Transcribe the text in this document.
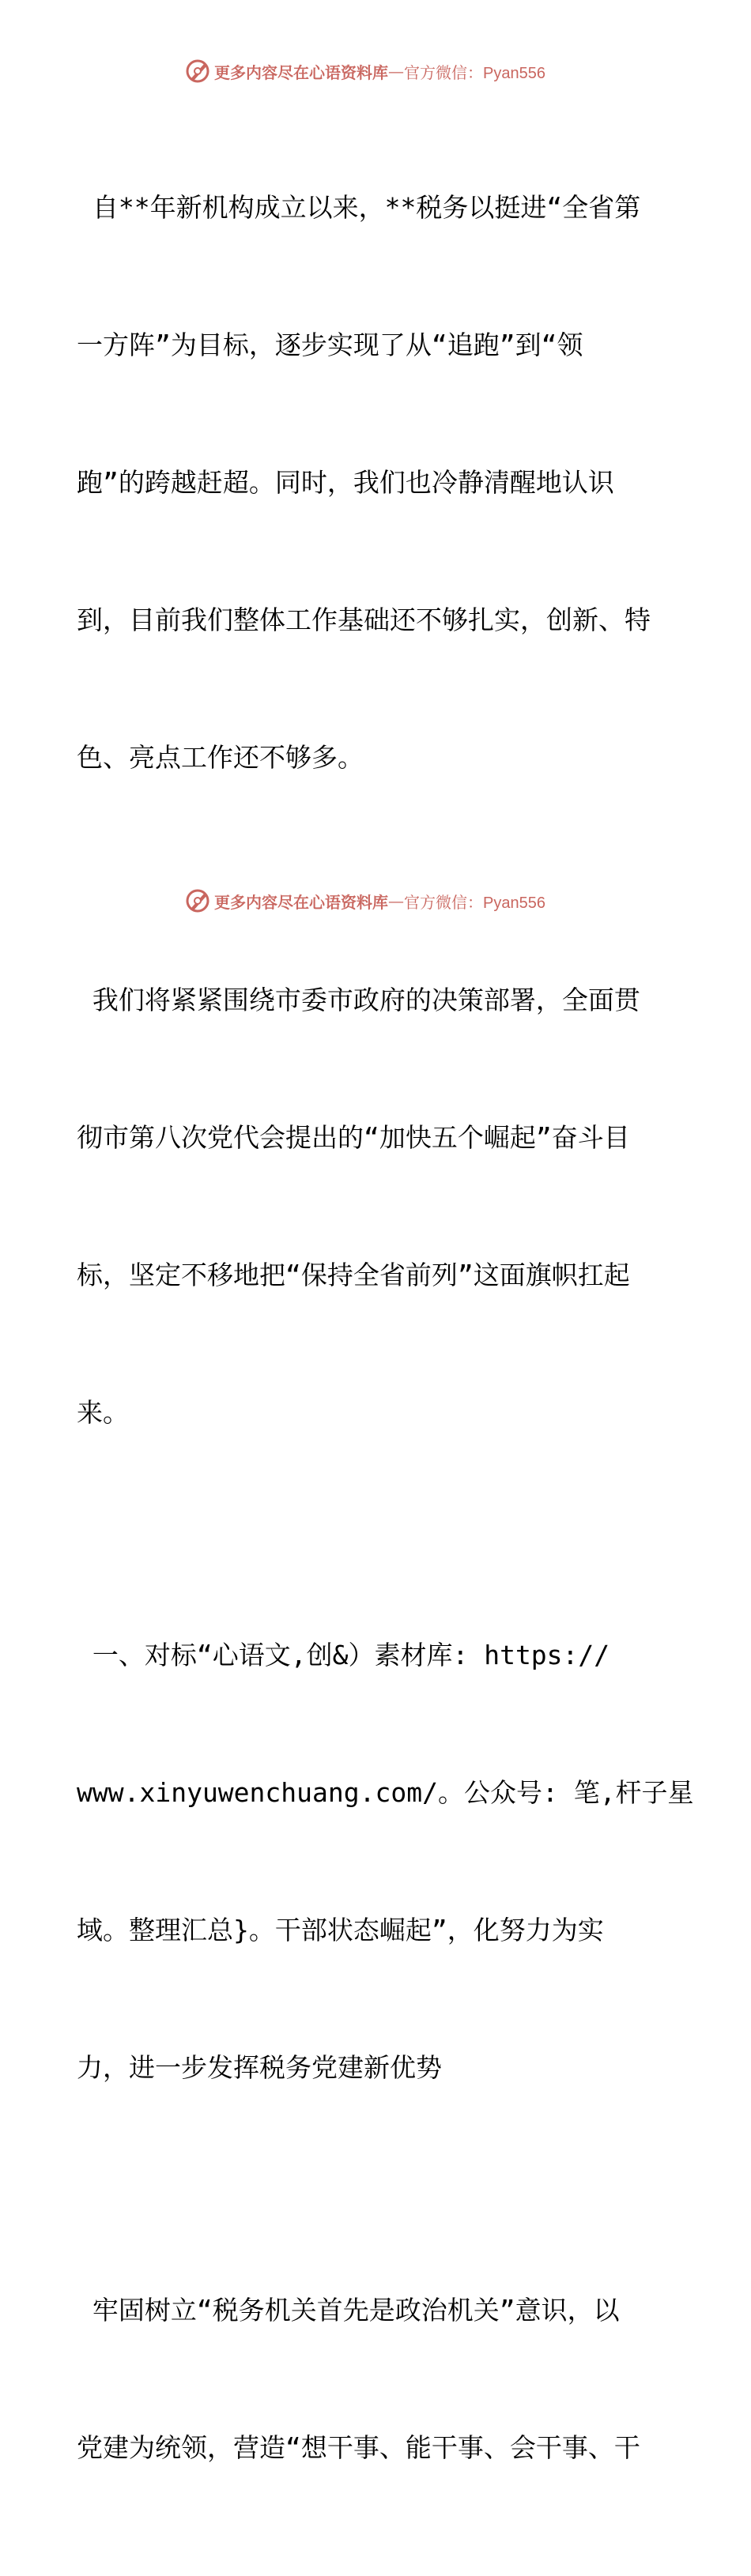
更多内容尽在心语资料库 — 官方微信：Pyan556

自**年新机构成立以来，**税务以挺进“全省第

一方阵”为目标，逐步实现了从“追跑”到“领

跑”的跨越赶超。同时，我们也冷静清醒地认识

到，目前我们整体工作基础还不够扎实，创新、特

色、亮点工作还不够多。

我们将紧紧围绕市委市政府的决策部署，全面贯

彻市第八次党代会提出的“加快五个崛起”奋斗目

标，坚定不移地把“保持全省前列”这面旗帜扛起

来。

一、对标“心语文,创&）素材库: https://

www.xinyuwenchuang.com/。公众号: 笔,杆子星

域。整理汇总}。干部状态崛起”，化努力为实

力，进一步发挥税务党建新优势

牢固树立“税务机关首先是政治机关”意识，以

党建为统领，营造“想干事、能干事、会干事、干

更多内容尽在心语资料库 — 官方微信：Pyan556
